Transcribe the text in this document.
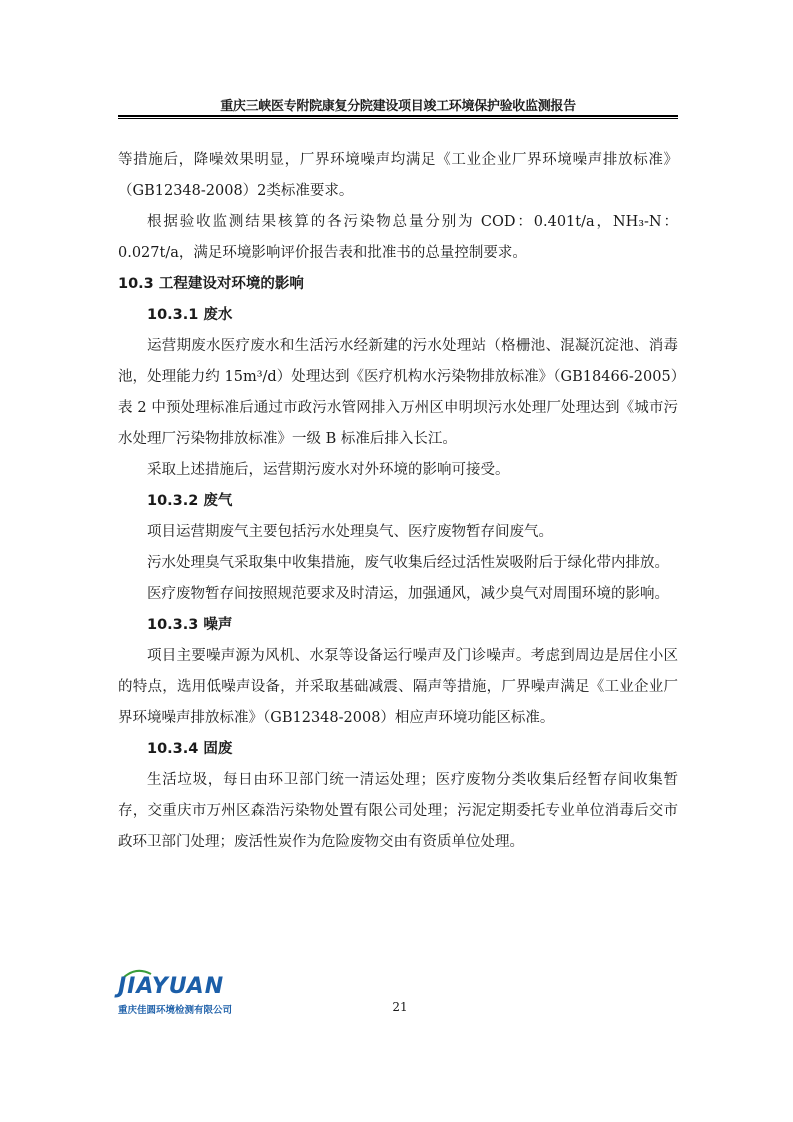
重庆三峡医专附院康复分院建设项目竣工环境保护验收监测报告

等措施后，降噪效果明显，厂界环境噪声均满足《工业企业厂界环境噪声排放标准》（GB12348-2008）2类标准要求。

根据验收监测结果核算的各污染物总量分别为 COD：0.401t/a，NH₃-N：0.027t/a，满足环境影响评价报告表和批准书的总量控制要求。

10.3 工程建设对环境的影响

10.3.1 废水

运营期废水医疗废水和生活污水经新建的污水处理站（格栅池、混凝沉淀池、消毒池，处理能力约 15m³/d）处理达到《医疗机构水污染物排放标准》（GB18466-2005）表 2 中预处理标准后通过市政污水管网排入万州区申明坝污水处理厂处理达到《城市污水处理厂污染物排放标准》一级 B 标准后排入长江。

采取上述措施后，运营期污废水对外环境的影响可接受。

10.3.2 废气

项目运营期废气主要包括污水处理臭气、医疗废物暂存间废气。

污水处理臭气采取集中收集措施，废气收集后经过活性炭吸附后于绿化带内排放。

医疗废物暂存间按照规范要求及时清运，加强通风，减少臭气对周围环境的影响。

10.3.3 噪声

项目主要噪声源为风机、水泵等设备运行噪声及门诊噪声。考虑到周边是居住小区的特点，选用低噪声设备，并采取基础减震、隔声等措施，厂界噪声满足《工业企业厂界环境噪声排放标准》（GB12348-2008）相应声环境功能区标准。

10.3.4 固废

生活垃圾，每日由环卫部门统一清运处理；医疗废物分类收集后经暂存间收集暂存，交重庆市万州区森浩污染物处置有限公司处理；污泥定期委托专业单位消毒后交市政环卫部门处理；废活性炭作为危险废物交由有资质单位处理。

JIAYUAN
重庆佳圆环境检测有限公司	21
